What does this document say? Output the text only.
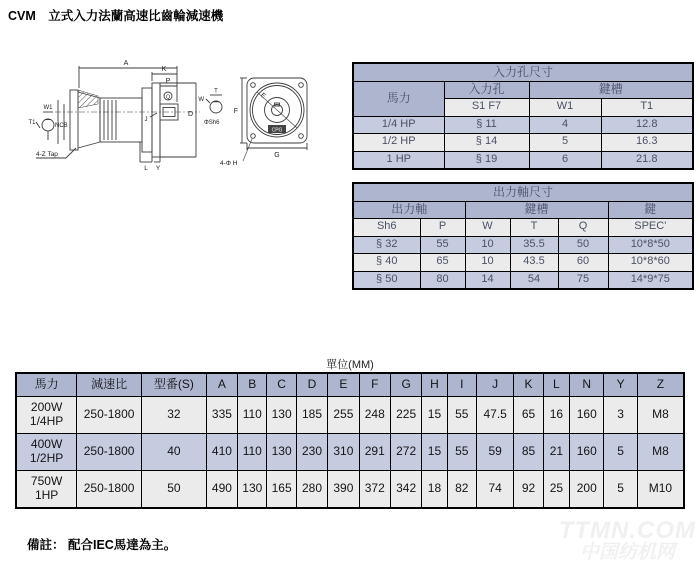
CVM　立式入力法蘭高速比齒輪減速機
A
K
P
Q
D
J
L Y
W1
T1	NCB
4-Z Tap
W
T
ΦSh6
E
F
G
4-Φ H
CPG
入力孔尺寸			
馬力	入力孔	鍵槽	
	S1 F7	W1	T1
1/4 HP	§ 11	4	12.8
1/2 HP	§ 14	5	16.3
1 HP	§ 19	6	21.8
出力軸尺寸					
出力軸		鍵槽			鍵
Sh6	P	W	T	Q	SPEC'
§ 32	55	10	35.5	50	10*8*50
§ 40	65	10	43.5	60	10*8*60
§ 50	80	14	54	75	14*9*75
單位(MM)
馬力	減速比	型番(S)	A	B	C	D	E	F	G	H	I	J	K	L	N	Y	Z
200W
1/4HP	250-1800	32	335	110	130	185	255	248	225	15	55	47.5	65	16	160	3	M8
400W
1/2HP	250-1800	40	410	110	130	230	310	291	272	15	55	59	85	21	160	5	M8
750W
1HP	250-1800	50	490	130	165	280	390	372	342	18	82	74	92	25	200	5	M10
備註： 配合IEC馬達為主。
TTMN.COM
中国纺机网
